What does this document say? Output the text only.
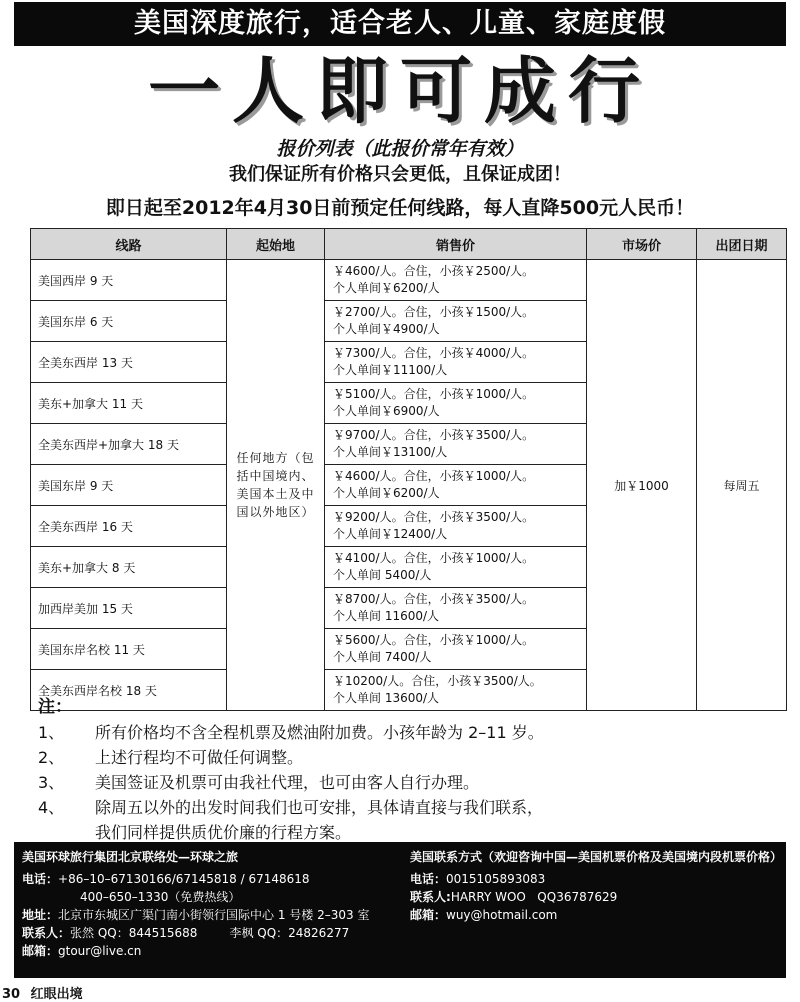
美国深度旅行，适合老人、儿童、家庭度假
一人即可成行
报价列表（此报价常年有效）
我们保证所有价格只会更低，且保证成团！
即日起至2012年4月30日前预定任何线路，每人直降500元人民币！
线路	起始地	销售价	市场价	出团日期
美国西岸 9 天	任何地方（包括中国境内、美国本土及中国以外地区）	￥4600/人。合住，小孩￥2500/人。
个人单间￥6200/人	加￥1000	每周五
美国东岸 6 天		￥2700/人。合住，小孩￥1500/人。
个人单间￥4900/人		

全美东西岸 13 天		￥7300/人。合住，小孩￥4000/人。
个人单间￥11100/人		

美东+加拿大 11 天		￥5100/人。合住，小孩￥1000/人。
个人单间￥6900/人		

全美东西岸+加拿大 18 天		￥9700/人。合住，小孩￥3500/人。
个人单间￥13100/人		

美国东岸 9 天		￥4600/人。合住，小孩￥1000/人。
个人单间￥6200/人		

全美东西岸 16 天		￥9200/人。合住，小孩￥3500/人。
个人单间￥12400/人		

美东+加拿大 8 天		￥4100/人。合住，小孩￥1000/人。
个人单间 5400/人		

加西岸美加 15 天		￥8700/人。合住，小孩￥3500/人。
个人单间 11600/人		

美国东岸名校 11 天		￥5600/人。合住，小孩￥1000/人。
个人单间 7400/人		

全美东西岸名校 18 天		￥10200/人。合住，小孩￥3500/人。
个人单间 13600/人		
注：
1、	所有价格均不含全程机票及燃油附加费。小孩年龄为 2–11 岁。
2、	上述行程均不可做任何调整。
3、	美国签证及机票可由我社代理，也可由客人自行办理。
4、	除周五以外的出发时间我们也可安排，具体请直接与我们联系，
我们同样提供质优价廉的行程方案。
美国环球旅行集团北京联络处—环球之旅
电话：+86–10–67130166/67145818 / 67148618
400–650–1330（免费热线）
地址：北京市东城区广渠门南小街领行国际中心 1 号楼 2–303 室
联系人：张然 QQ：844515688	李枫 QQ：24826277
邮箱：gtour@live.cn
美国联系方式（欢迎咨询中国—美国机票价格及美国境内段机票价格）
电话：0015105893083
联系人:HARRY WOO   QQ36787629
邮箱：wuy@hotmail.com
30 红眼出境
